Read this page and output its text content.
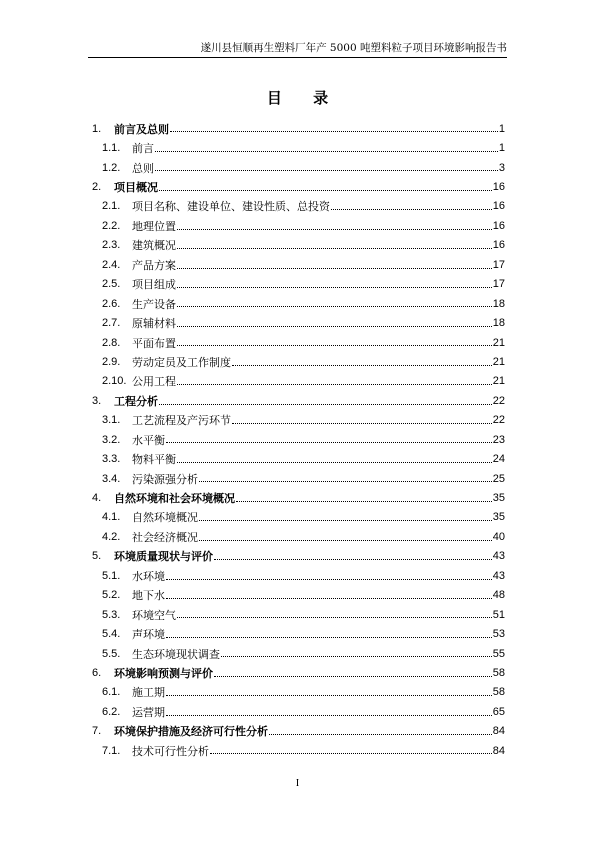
遂川县恒顺再生塑料厂年产 5000 吨塑料粒子项目环境影响报告书
目 录
1.	前言及总则	1
1.1.	前言	1
1.2.	总则	3
2.	项目概况	16
2.1.	项目名称、建设单位、建设性质、总投资	16
2.2.	地理位置	16
2.3.	建筑概况	16
2.4.	产品方案	17
2.5.	项目组成	17
2.6.	生产设备	18
2.7.	原辅材料	18
2.8.	平面布置	21
2.9.	劳动定员及工作制度	21
2.10. 公用工程	21
3.	工程分析	22
3.1.	工艺流程及产污环节	22
3.2.	水平衡	23
3.3.	物料平衡	24
3.4.	污染源强分析	25
4.	自然环境和社会环境概况	35
4.1.	自然环境概况	35
4.2.	社会经济概况	40
5.	环境质量现状与评价	43
5.1.	水环境	43
5.2.	地下水	48
5.3.	环境空气	51
5.4.	声环境	53
5.5.	生态环境现状调查	55
6.	环境影响预测与评价	58
6.1.	施工期	58
6.2.	运营期	65
7.	环境保护措施及经济可行性分析	84
7.1.	技术可行性分析	84
I
